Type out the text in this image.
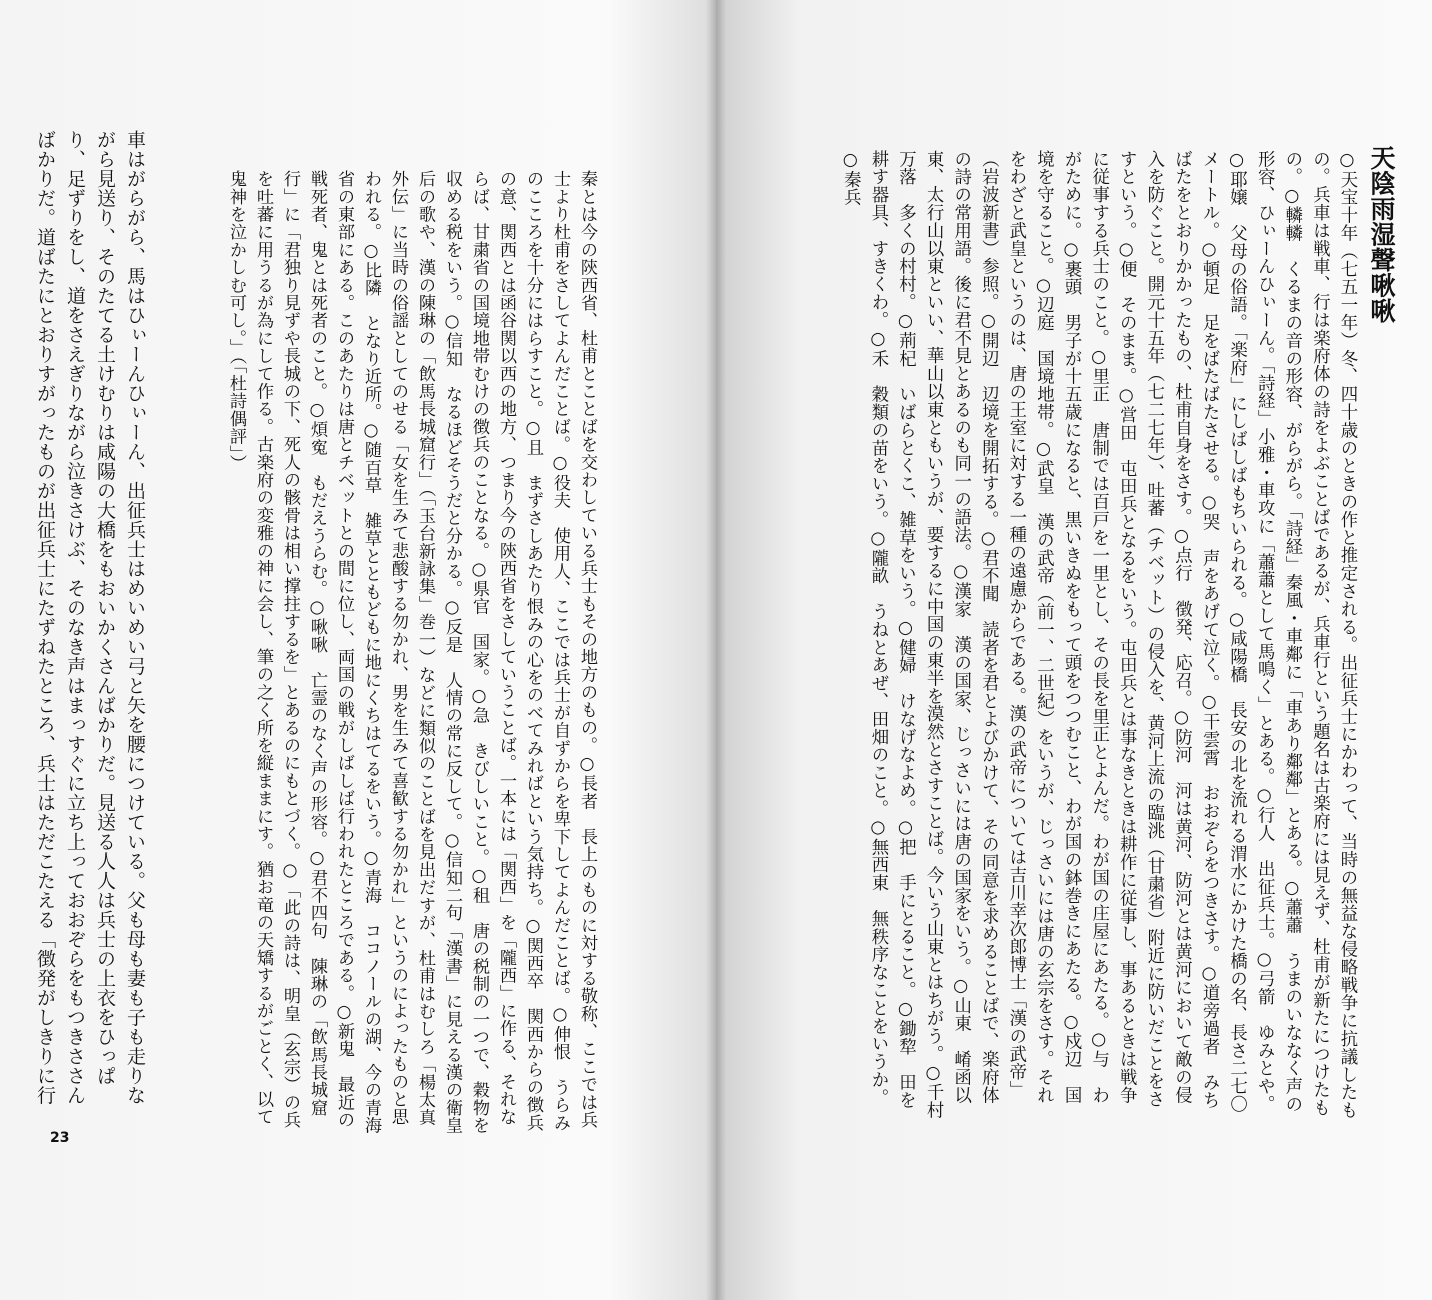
車はがらがら、馬はひぃーんひぃーん、出征兵士はめいめい弓と矢を腰につけている。父も母も妻も子も走りながら見送り、そのたてる土けむりは咸陽の大橋をもおいかくさんばかりだ。見送る人人は兵士の上衣をひっぱり、足ずりをし、道をさえぎりながら泣きさけぶ、そのなき声はまっすぐに立ち上っておおぞらをもつきささんばかりだ。道ばたにとおりすがったものが出征兵士にたずねたところ、兵士はただこたえる「徴発がしきりに行	秦とは今の陝西省、杜甫とことばを交わしている兵士もその地方のもの。○長者　長上のものに対する敬称、ここでは兵士より杜甫をさしてよんだことば。○役夫　使用人、ここでは兵士が自ずからを卑下してよんだことば。○伸恨　うらみのこころを十分にはらすこと。○且　まずさしあたり恨みの心をのべてみればという気持ち。○関西卒　関西からの徴兵の意、関西とは函谷関以西の地方、つまり今の陝西省をさしていうことば。一本には「関西」を「隴西」に作る、それならば、甘粛省の国境地帯むけの徴兵のことなる。○県官　国家。○急　きびしいこと。○租　唐の税制の一つで、穀物を収める税をいう。○信知　なるほどそうだと分かる。○反是　人情の常に反して。○信知二句「漢書」に見える漢の衛皇后の歌や、漢の陳琳の「飲馬長城窟行」（「玉台新詠集」巻一）などに類似のことばを見出だすが、杜甫はむしろ「楊太真外伝」に当時の俗謡としてのせる「女を生みて悲酸する勿かれ、男を生みて喜歓する勿かれ」というのによったものと思われる。○比隣　となり近所。○随百草　雑草とともどもに地にくちはてるをいう。○青海　ココノールの湖、今の青海省の東部にある。このあたりは唐とチベットとの間に位し、両国の戦がしばしば行われたところである。○新鬼　最近の戦死者、鬼とは死者のこと。○煩寃　もだえうらむ。○啾啾　亡霊のなく声の形容。○君不四句　陳琳の「飲馬長城窟行」に「君独り見ずや長城の下、死人の骸骨は相い撑拄するを」とあるのにもとづく。○「此の詩は、明皇（玄宗）の兵を吐蕃に用うるが為にして作る。古楽府の変雅の神に会し、筆の之く所を縦ままにす。猶お竜の天矯するがごとく、以て鬼神を泣かしむ可し。」（「杜詩偶評」）

23
天陰雨湿聲啾啾

○天宝十年（七五一年）冬、四十歳のときの作と推定される。出征兵士にかわって、当時の無益な侵略戦争に抗議したもの。兵車は戦車、行は楽府体の詩をよぶことばであるが、兵車行という題名は古楽府には見えず、杜甫が新たにつけたもの。○轔轔　くるまの音の形容、がらがら。「詩経」秦風・車鄰に「車あり鄰鄰」とある。○蕭蕭　うまのいななく声の形容、ひぃーんひぃーん。「詩経」小雅・車攻に「蕭蕭として馬鳴く」とある。○行人　出征兵士。○弓箭　ゆみとや。○耶嬢　父母の俗語。「楽府」にしばしばもちいられる。○咸陽橋　長安の北を流れる渭水にかけた橋の名、長さ二七〇メートル。○頓足　足をばたばたさせる。○哭　声をあげて泣く。○干雲霄　おおぞらをつきさす。○道旁過者　みちばたをとおりかかったもの、杜甫自身をさす。○点行　徴発、応召。○防河　河は黄河、防河とは黄河において敵の侵入を防ぐこと。開元十五年（七二七年）、吐蕃（チベット）の侵入を、黄河上流の臨洮（甘粛省）附近に防いだことをさすという。○便　そのまま。○営田　屯田兵となるをいう。屯田兵とは事なきときは耕作に従事し、事あるときは戦争に従事する兵士のこと。○里正　唐制では百戸を一里とし、その長を里正とよんだ。わが国の庄屋にあたる。○与　わがために。○裹頭　男子が十五歳になると、黒いきぬをもって頭をつつむこと、わが国の鉢巻きにあたる。○戍辺　国境を守ること。○辺庭　国境地帯。○武皇　漢の武帝（前一、二世紀）をいうが、じっさいには唐の玄宗をさす。それをわざと武皇というのは、唐の王室に対する一種の遠慮からである。漢の武帝については吉川幸次郎博士「漢の武帝」（岩波新書）参照。○開辺　辺境を開拓する。○君不聞　読者を君とよびかけて、その同意を求めることばで、楽府体の詩の常用語。後に君不見とあるのも同一の語法。○漢家　漢の国家、じっさいには唐の国家をいう。○山東　崤函以東、太行山以東といい、華山以東ともいうが、要するに中国の東半を漠然とさすことば。今いう山東とはちがう。○千村万落　多くの村村。○荊杞　いばらとくこ、雑草をいう。○健婦　けなげなよめ。○把　手にとること。○鋤犂　田を耕す器具、すきくわ。○禾　穀類の苗をいう。○隴畝　うねとあぜ、田畑のこと。○無西東　無秩序なことをいうか。○秦兵
